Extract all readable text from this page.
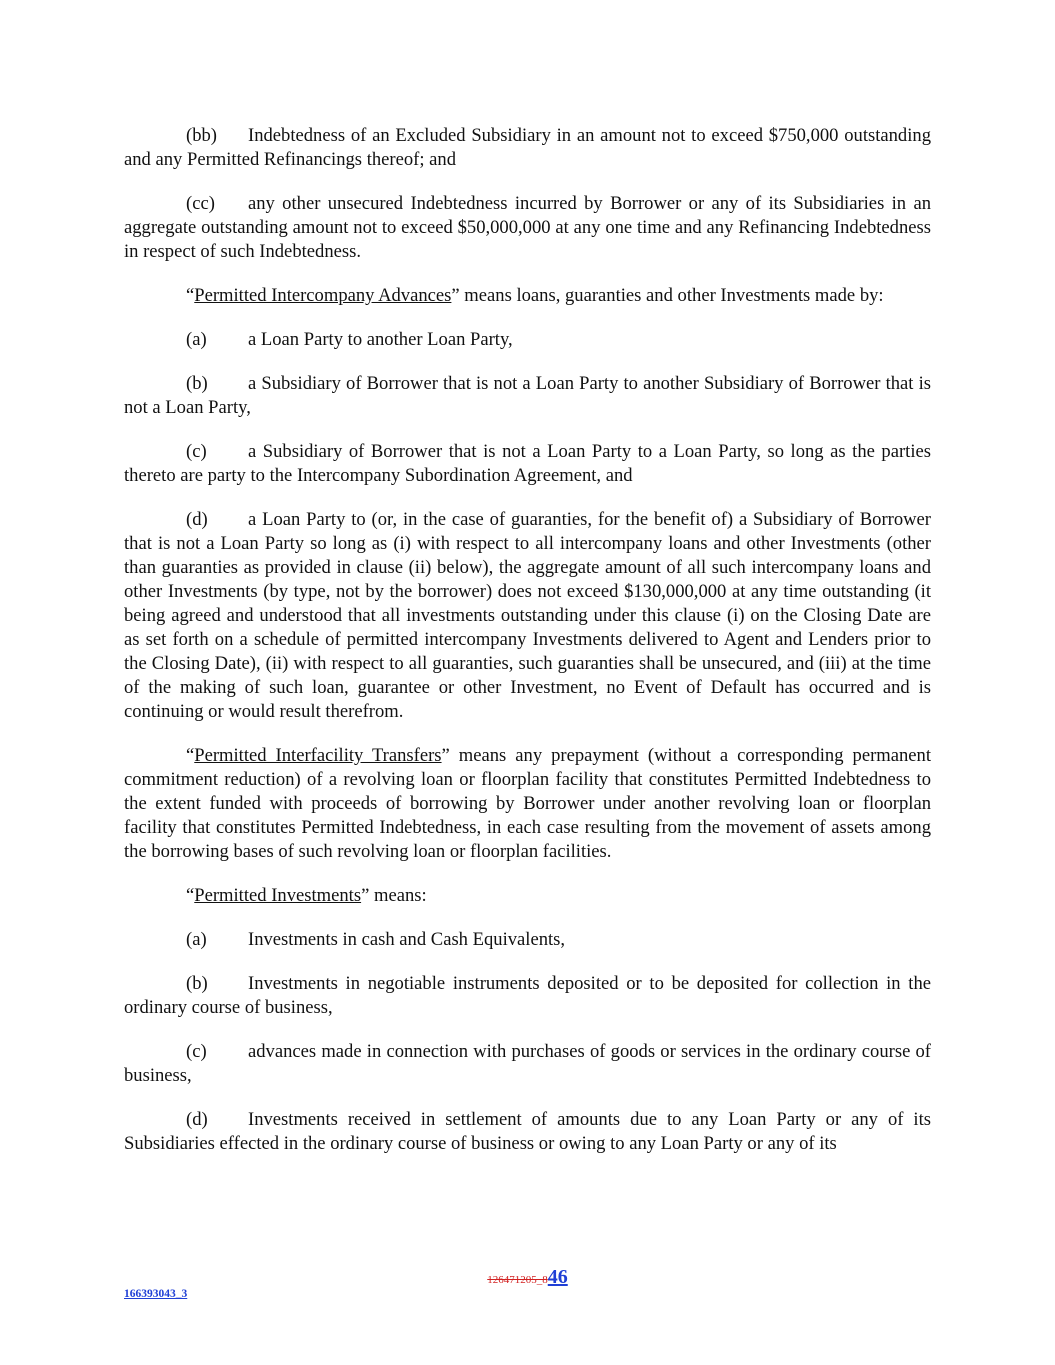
(bb) Indebtedness of an Excluded Subsidiary in an amount not to exceed $750,000 outstanding and any Permitted Refinancings thereof; and

(cc) any other unsecured Indebtedness incurred by Borrower or any of its Subsidiaries in an aggregate outstanding amount not to exceed $50,000,000 at any one time and any Refinancing Indebtedness in respect of such Indebtedness.

“Permitted Intercompany Advances” means loans, guaranties and other Investments made by:

(a) a Loan Party to another Loan Party,

(b) a Subsidiary of Borrower that is not a Loan Party to another Subsidiary of Borrower that is not a Loan Party,

(c) a Subsidiary of Borrower that is not a Loan Party to a Loan Party, so long as the parties thereto are party to the Intercompany Subordination Agreement, and

(d) a Loan Party to (or, in the case of guaranties, for the benefit of) a Subsidiary of Borrower that is not a Loan Party so long as (i) with respect to all intercompany loans and other Investments (other than guaranties as provided in clause (ii) below), the aggregate amount of all such intercompany loans and other Investments (by type, not by the borrower) does not exceed $130,000,000 at any time outstanding (it being agreed and understood that all investments outstanding under this clause (i) on the Closing Date are as set forth on a schedule of permitted intercompany Investments delivered to Agent and Lenders prior to the Closing Date), (ii) with respect to all guaranties, such guaranties shall be unsecured, and (iii) at the time of the making of such loan, guarantee or other Investment, no Event of Default has occurred and is continuing or would result therefrom.

“Permitted Interfacility Transfers” means any prepayment (without a corresponding permanent commitment reduction) of a revolving loan or floorplan facility that constitutes Permitted Indebtedness to the extent funded with proceeds of borrowing by Borrower under another revolving loan or floorplan facility that constitutes Permitted Indebtedness, in each case resulting from the movement of assets among the borrowing bases of such revolving loan or floorplan facilities.

“Permitted Investments” means:

(a) Investments in cash and Cash Equivalents,

(b) Investments in negotiable instruments deposited or to be deposited for collection in the ordinary course of business,

(c) advances made in connection with purchases of goods or services in the ordinary course of business,

(d) Investments received in settlement of amounts due to any Loan Party or any of its Subsidiaries effected in the ordinary course of business or owing to any Loan Party or any of its

126471205_846
166393043_3
